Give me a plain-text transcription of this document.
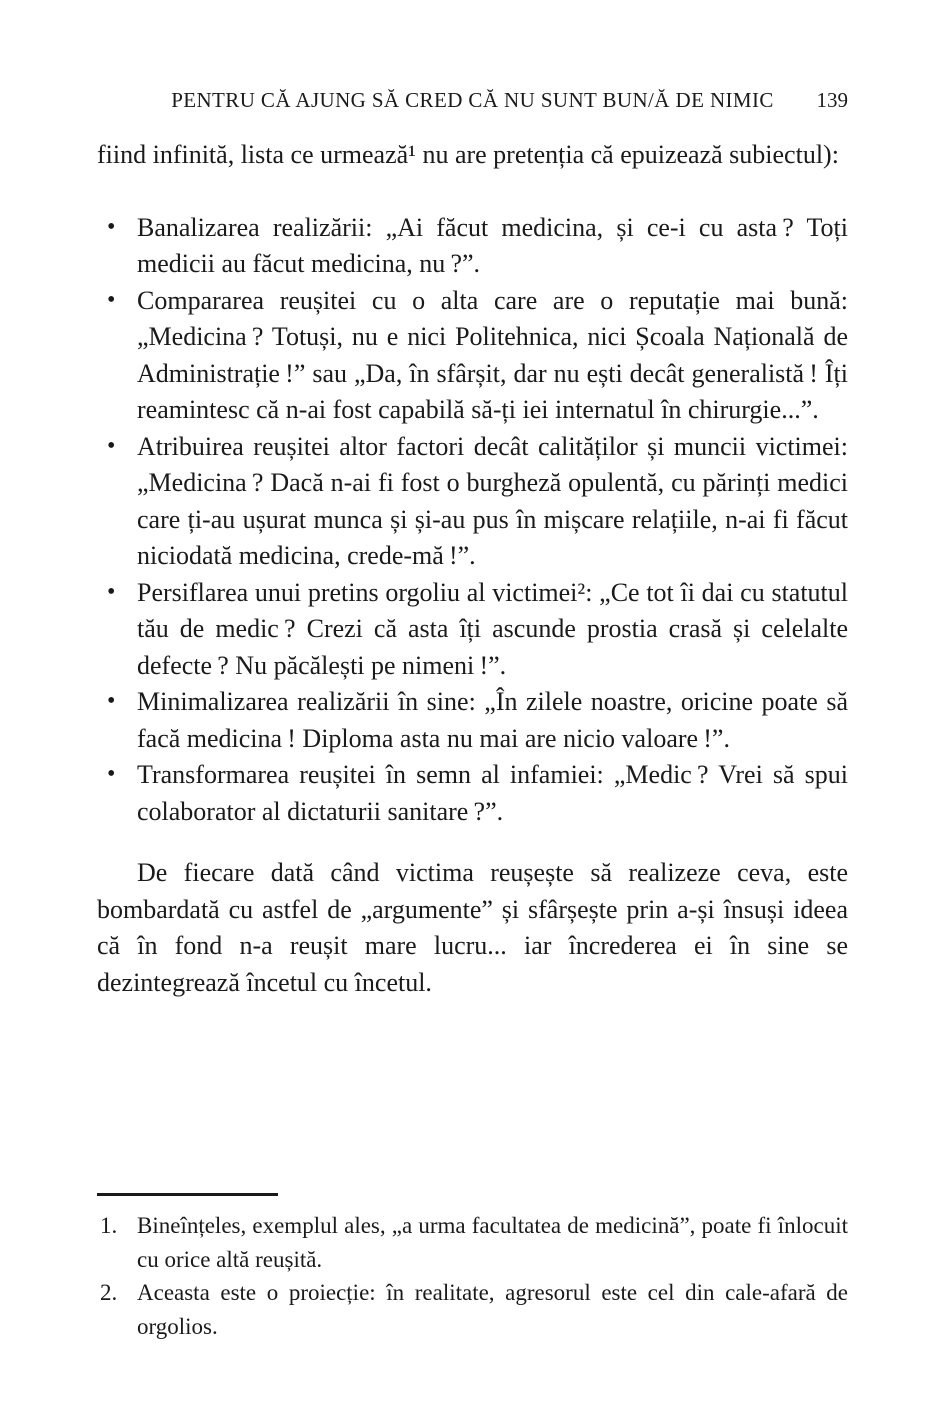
PENTRU CĂ AJUNG SĂ CRED CĂ NU SUNT BUN/Ă DE NIMIC 139

fiind infinită, lista ce urmează¹ nu are pretenția că epuizează subiectul):

• Banalizarea realizării: „Ai făcut medicina, și ce-i cu asta ? Toți medicii au făcut medicina, nu ?”.
• Compararea reușitei cu o alta care are o reputație mai bună: „Medicina ? Totuși, nu e nici Politehnica, nici Școala Națională de Administrație !” sau „Da, în sfârșit, dar nu ești decât generalistă ! Îți reamintesc că n-ai fost capabilă să-ți iei internatul în chirurgie...”.
• Atribuirea reușitei altor factori decât calităților și muncii victimei: „Medicina ? Dacă n-ai fi fost o burgheză opulentă, cu părinți medici care ți-au ușurat munca și și-au pus în mișcare relațiile, n-ai fi făcut niciodată medicina, crede-mă !”.
• Persiflarea unui pretins orgoliu al victimei²: „Ce tot îi dai cu statutul tău de medic ? Crezi că asta îți ascunde prostia crasă și celelalte defecte ? Nu păcălești pe nimeni !”.
• Minimalizarea realizării în sine: „În zilele noastre, oricine poate să facă medicina ! Diploma asta nu mai are nicio valoare !”.
• Transformarea reușitei în semn al infamiei: „Medic ? Vrei să spui colaborator al dictaturii sanitare ?”.

De fiecare dată când victima reușește să realizeze ceva, este bombardată cu astfel de „argumente” și sfârșește prin a-și însuși ideea că în fond n-a reușit mare lucru... iar încrederea ei în sine se dezintegrează încetul cu încetul.

1. Bineînțeles, exemplul ales, „a urma facultatea de medicină”, poate fi înlocuit cu orice altă reușită.
2. Aceasta este o proiecție: în realitate, agresorul este cel din cale-afară de orgolios.
